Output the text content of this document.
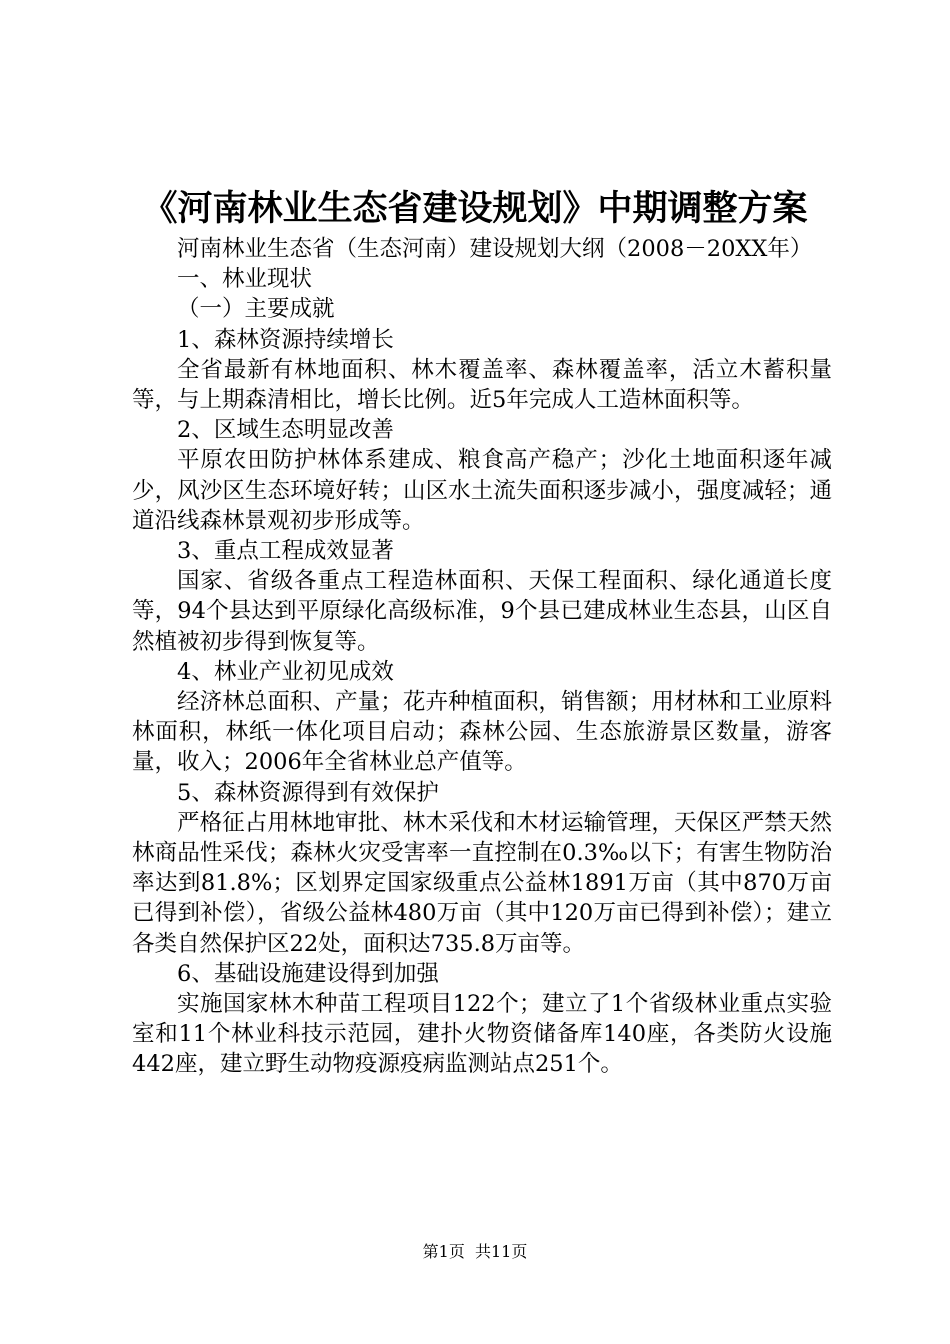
《河南林业生态省建设规划》中期调整方案

河南林业生态省（生态河南）建设规划大纲（2008－20XX年）

一、林业现状

（一）主要成就

1、森林资源持续增长

全省最新有林地面积、林木覆盖率、森林覆盖率，活立木蓄积量等，与上期森清相比，增长比例。近5年完成人工造林面积等。

2、区域生态明显改善

平原农田防护林体系建成、粮食高产稳产；沙化土地面积逐年减少，风沙区生态环境好转；山区水土流失面积逐步减小，强度减轻；通道沿线森林景观初步形成等。

3、重点工程成效显著

国家、省级各重点工程造林面积、天保工程面积、绿化通道长度等，94个县达到平原绿化高级标准，9个县已建成林业生态县，山区自然植被初步得到恢复等。

4、林业产业初见成效

经济林总面积、产量；花卉种植面积，销售额；用材林和工业原料林面积，林纸一体化项目启动；森林公园、生态旅游景区数量，游客量，收入；2006年全省林业总产值等。

5、森林资源得到有效保护

严格征占用林地审批、林木采伐和木材运输管理，天保区严禁天然林商品性采伐；森林火灾受害率一直控制在0.3‰以下；有害生物防治率达到81.8%；区划界定国家级重点公益林1891万亩（其中870万亩已得到补偿），省级公益林480万亩（其中120万亩已得到补偿）；建立各类自然保护区22处，面积达735.8万亩等。

6、基础设施建设得到加强

实施国家林木种苗工程项目122个；建立了1个省级林业重点实验室和11个林业科技示范园，建扑火物资储备库140座，各类防火设施442座，建立野生动物疫源疫病监测站点251个。

第1页  共11页
